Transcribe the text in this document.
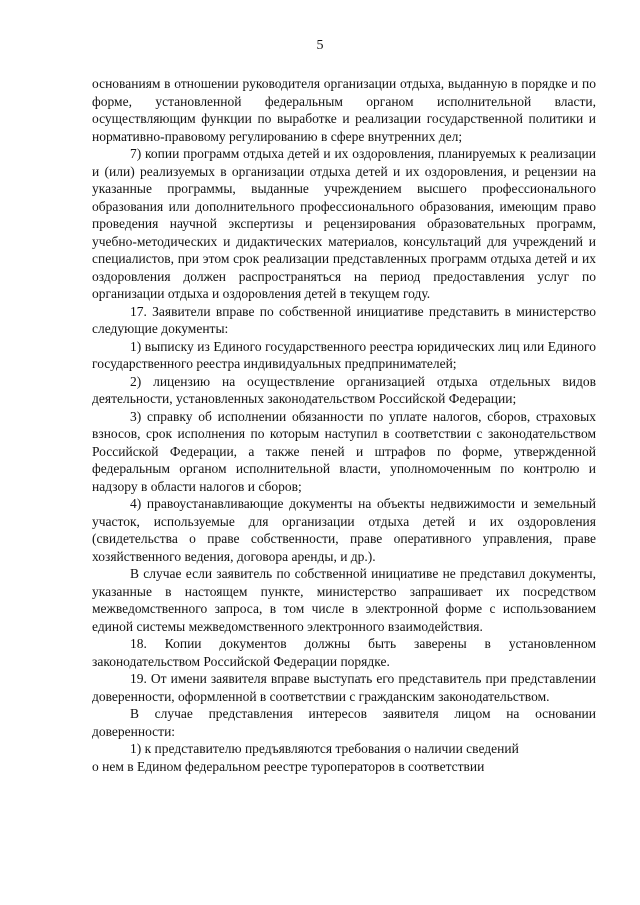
5

основаниям в отношении руководителя организации отдыха, выданную в порядке и по форме, установленной федеральным органом исполнительной власти, осуществляющим функции по выработке и реализации государственной политики и нормативно-правовому регулированию в сфере внутренних дел;

7) копии программ отдыха детей и их оздоровления, планируемых к реализации и (или) реализуемых в организации отдыха детей и их оздоровления, и рецензии на указанные программы, выданные учреждением высшего профессионального образования или дополнительного профессионального образования, имеющим право проведения научной экспертизы и рецензирования образовательных программ, учебно-методических и дидактических материалов, консультаций для учреждений и специалистов, при этом срок реализации представленных программ отдыха детей и их оздоровления должен распространяться на период предоставления услуг по организации отдыха и оздоровления детей в текущем году.

17. Заявители вправе по собственной инициативе представить в министерство следующие документы:

1) выписку из Единого государственного реестра юридических лиц или Единого государственного реестра индивидуальных предпринимателей;

2) лицензию на осуществление организацией отдыха отдельных видов деятельности, установленных законодательством Российской Федерации;

3) справку об исполнении обязанности по уплате налогов, сборов, страховых взносов, срок исполнения по которым наступил в соответствии с законодательством Российской Федерации, а также пеней и штрафов по форме, утвержденной федеральным органом исполнительной власти, уполномоченным по контролю и надзору в области налогов и сборов;

4) правоустанавливающие документы на объекты недвижимости и земельный участок, используемые для организации отдыха детей и их оздоровления (свидетельства о праве собственности, праве оперативного управления, праве хозяйственного ведения, договора аренды, и др.).

В случае если заявитель по собственной инициативе не представил документы, указанные в настоящем пункте, министерство запрашивает их посредством межведомственного запроса, в том числе в электронной форме с использованием единой системы межведомственного электронного взаимодействия.

18. Копии документов должны быть заверены в установленном законодательством Российской Федерации порядке.

19. От имени заявителя вправе выступать его представитель при представлении доверенности, оформленной в соответствии с гражданским законодательством.

В случае представления интересов заявителя лицом на основании доверенности:

1) к представителю предъявляются требования о наличии сведений

о нем в Едином федеральном реестре туроператоров в соответствии
